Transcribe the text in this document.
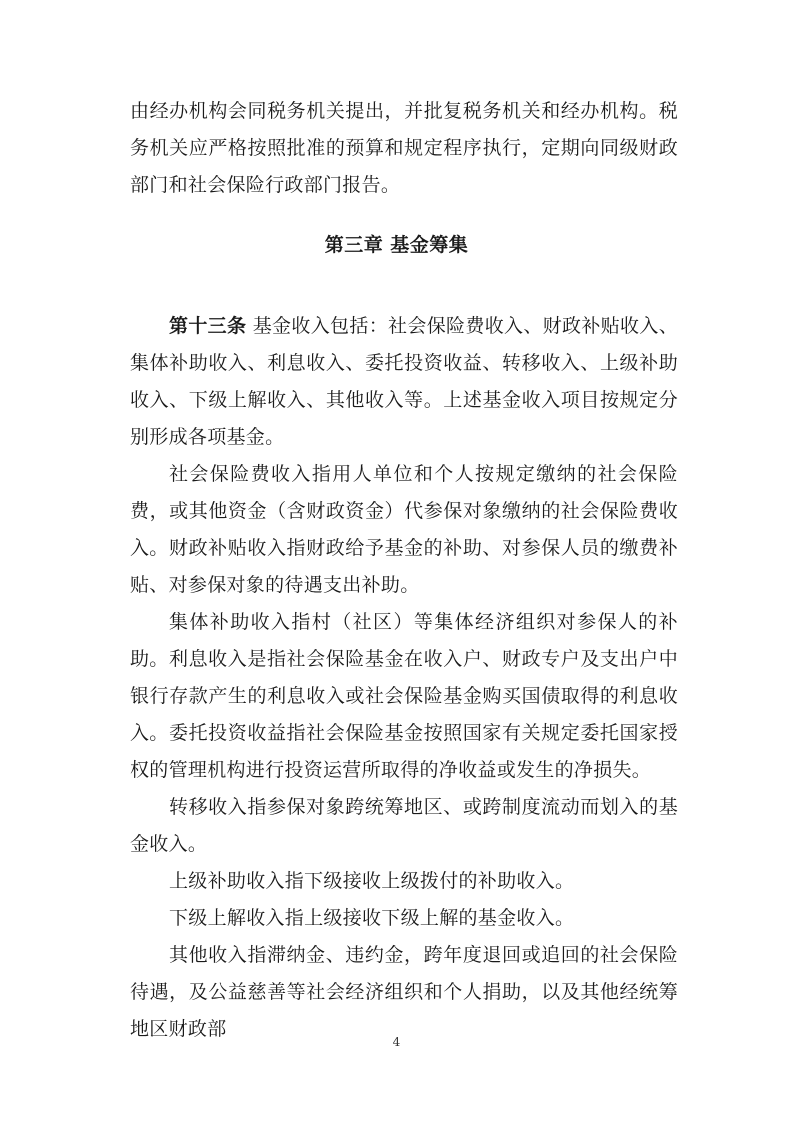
由经办机构会同税务机关提出，并批复税务机关和经办机构。税务机关应严格按照批准的预算和规定程序执行，定期向同级财政部门和社会保险行政部门报告。

第三章 基金筹集

第十三条 基金收入包括：社会保险费收入、财政补贴收入、集体补助收入、利息收入、委托投资收益、转移收入、上级补助收入、下级上解收入、其他收入等。上述基金收入项目按规定分别形成各项基金。

社会保险费收入指用人单位和个人按规定缴纳的社会保险费，或其他资金（含财政资金）代参保对象缴纳的社会保险费收入。 财政补贴收入指财政给予基金的补助、对参保人员的缴费补贴、对参保对象的待遇支出补助。

集体补助收入指村（社区）等集体经济组织对参保人的补助。 利息收入是指社会保险基金在收入户、财政专户及支出户中银行存款产生的利息收入或社会保险基金购买国债取得的利息收入。 委托投资收益指社会保险基金按照国家有关规定委托国家授权的管理机构进行投资运营所取得的净收益或发生的净损失。

转移收入指参保对象跨统筹地区、或跨制度流动而划入的基金收入。

上级补助收入指下级接收上级拨付的补助收入。

下级上解收入指上级接收下级上解的基金收入。

其他收入指滞纳金、违约金，跨年度退回或追回的社会保险待遇，及公益慈善等社会经济组织和个人捐助，以及其他经统筹地区财政部

4
